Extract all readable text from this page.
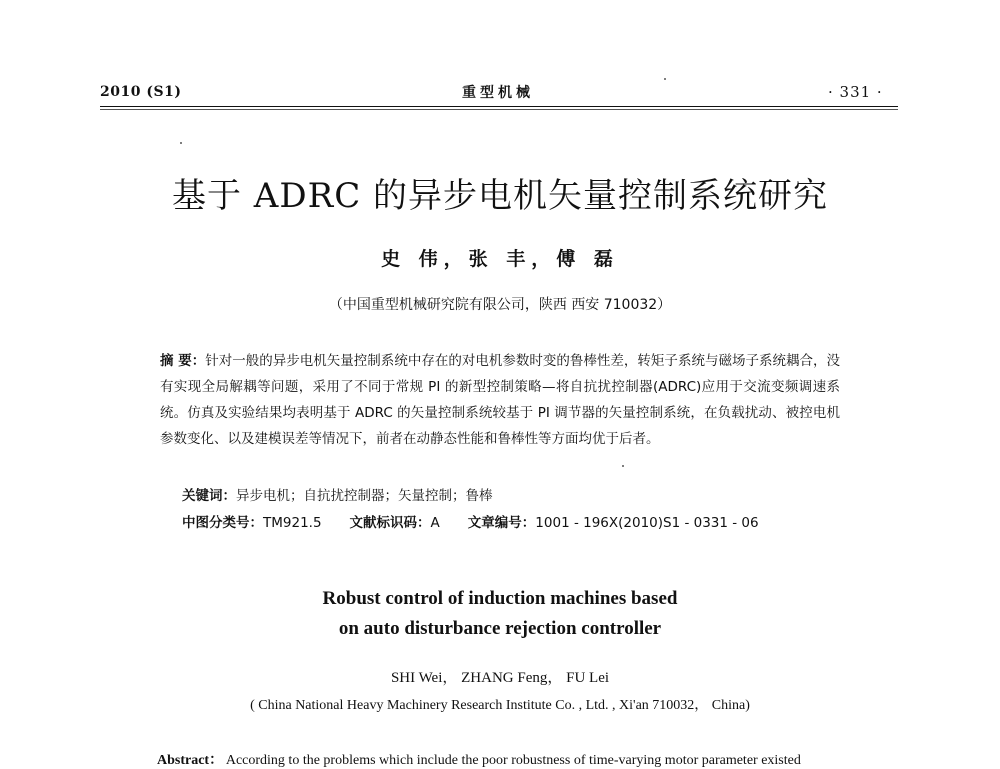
2010 (S1)	重型机械	· 331 ·
基于 ADRC 的异步电机矢量控制系统研究
史 伟，张 丰，傅 磊
（中国重型机械研究院有限公司，陕西 西安 710032）
摘 要：针对一般的异步电机矢量控制系统中存在的对电机参数时变的鲁棒性差，转矩子系统与磁场子系统耦合，没有实现全局解耦等问题，采用了不同于常规 PI 的新型控制策略—将自抗扰控制器(ADRC)应用于交流变频调速系统。仿真及实验结果均表明基于 ADRC 的矢量控制系统较基于 PI 调节器的矢量控制系统，在负载扰动、被控电机参数变化、以及建模误差等情况下，前者在动静态性能和鲁棒性等方面均优于后者。
关键词：异步电机；自抗扰控制器；矢量控制；鲁棒
中图分类号：TM921.5 文献标识码：A 文章编号：1001 - 196X(2010)S1 - 0331 - 06
Robust control of induction machines based
on auto disturbance rejection controller
SHI Wei， ZHANG Feng， FU Lei
( China National Heavy Machinery Research Institute Co. , Ltd. , Xi'an 710032， China)
Abstract： According to the problems which include the poor robustness of time-varying motor parameter existed
